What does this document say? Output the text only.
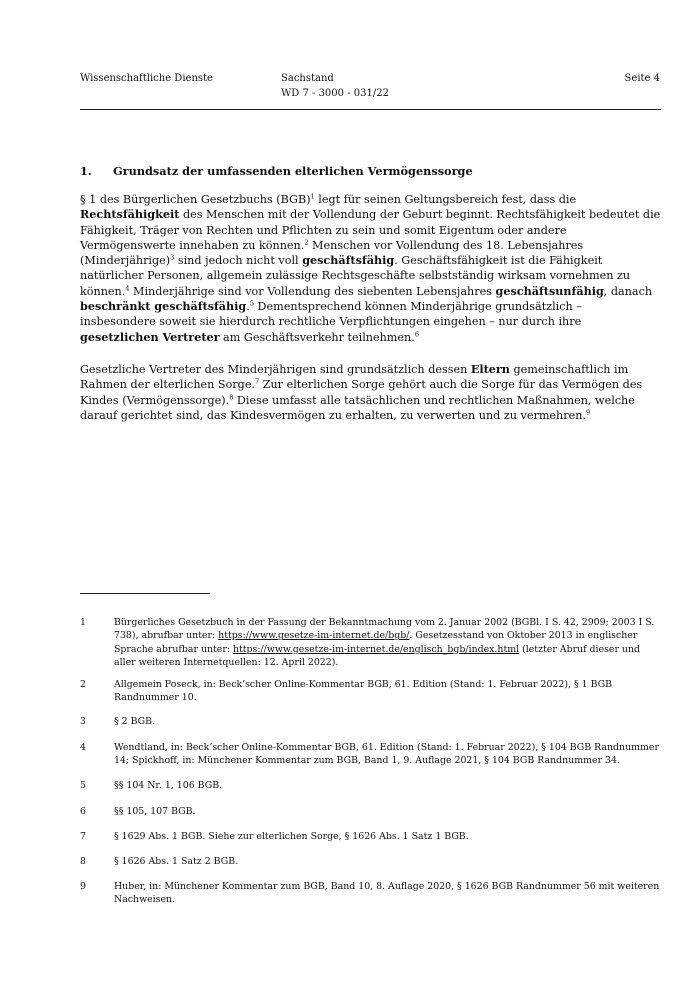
Wissenschaftliche Dienste	Sachstand
WD 7 - 3000 - 031/22
Seite 4
1. Grundsatz der umfassenden elterlichen Vermögenssorge

§ 1 des Bürgerlichen Gesetzbuchs (BGB)$^1$ legt für seinen Geltungsbereich fest, dass die Rechtsfähigkeit des Menschen mit der Vollendung der Geburt beginnt. Rechtsfähigkeit bedeutet die Fähigkeit, Träger von Rechten und Pflichten zu sein und somit Eigentum oder andere Vermögenswerte innehaben zu können.$^2$ Menschen vor Vollendung des 18. Lebensjahres (Minderjährige)$^3$ sind jedoch nicht voll geschäftsfähig. Geschäftsfähigkeit ist die Fähigkeit natürlicher Personen, allgemein zulässige Rechtsgeschäfte selbstständig wirksam vornehmen zu können.$^4$ Minderjährige sind vor Vollendung des siebenten Lebensjahres geschäftsunfähig, danach beschränkt geschäftsfähig.$^5$ Dementsprechend können Minderjährige grundsätzlich – insbesondere soweit sie hierdurch rechtliche Verpflichtungen eingehen – nur durch ihre gesetzlichen Vertreter am Geschäftsverkehr teilnehmen.$^6$

Gesetzliche Vertreter des Minderjährigen sind grundsätzlich dessen Eltern gemeinschaftlich im Rahmen der elterlichen Sorge.$^7$ Zur elterlichen Sorge gehört auch die Sorge für das Vermögen des Kindes (Vermögenssorge).$^8$ Diese umfasst alle tatsächlichen und rechtlichen Maßnahmen, welche darauf gerichtet sind, das Kindesvermögen zu erhalten, zu verwerten und zu vermehren.$^9$

1	Bürgerliches Gesetzbuch in der Fassung der Bekanntmachung vom 2. Januar 2002 (BGBl. I S. 42, 2909; 2003 I S. 738), abrufbar unter: https://www.gesetze-im-internet.de/bgb/. Gesetzesstand von Oktober 2013 in englischer Sprache abrufbar unter: https://www.gesetze-im-internet.de/englisch_bgb/index.html (letzter Abruf dieser und aller weiteren Internetquellen: 12. April 2022).
2	Allgemein Poseck, in: Beck’scher Online-Kommentar BGB, 61. Edition (Stand: 1. Februar 2022), § 1 BGB Randnummer 10.
3	§ 2 BGB.
4	Wendtland, in: Beck’scher Online-Kommentar BGB, 61. Edition (Stand: 1. Februar 2022), § 104 BGB Randnummer 14; Spickhoff, in: Münchener Kommentar zum BGB, Band 1, 9. Auflage 2021, § 104 BGB Randnummer 34.
5	§§ 104 Nr. 1, 106 BGB.
6	§§ 105, 107 BGB.
7	§ 1629 Abs. 1 BGB. Siehe zur elterlichen Sorge, § 1626 Abs. 1 Satz 1 BGB.
8	§ 1626 Abs. 1 Satz 2 BGB.
9	Huber, in: Münchener Kommentar zum BGB, Band 10, 8. Auflage 2020, § 1626 BGB Randnummer 56 mit weiteren Nachweisen.
